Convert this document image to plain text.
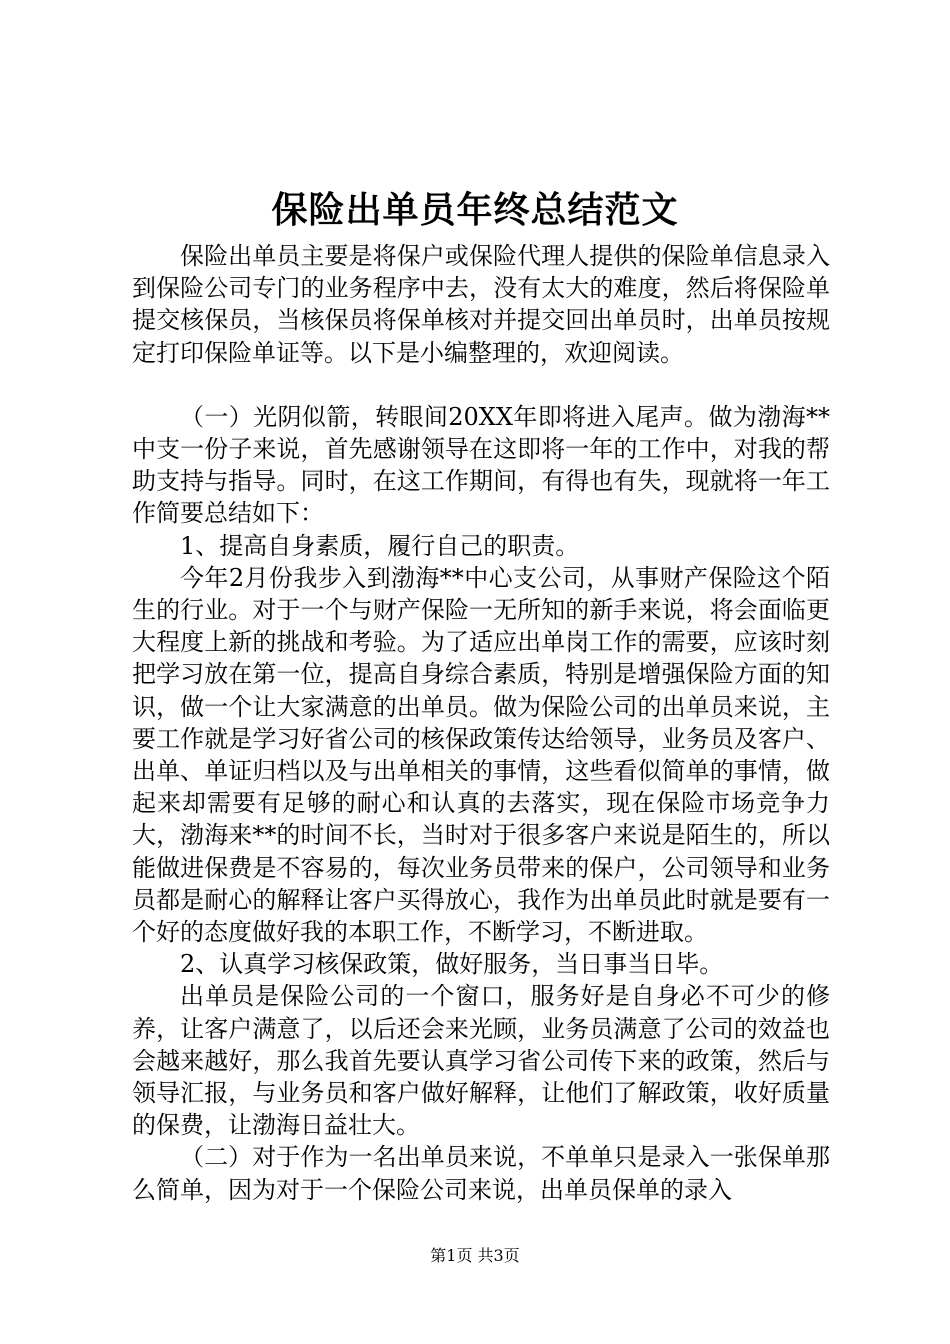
保险出单员年终总结范文

保险出单员主要是将保户或保险代理人提供的保险单信息录入到保险公司专门的业务程序中去，没有太大的难度，然后将保险单提交核保员，当核保员将保单核对并提交回出单员时，出单员按规定打印保险单证等。以下是小编整理的，欢迎阅读。

（一）光阴似箭，转眼间20XX年即将进入尾声。做为渤海**中支一份子来说，首先感谢领导在这即将一年的工作中，对我的帮助支持与指导。同时，在这工作期间，有得也有失，现就将一年工作简要总结如下：

1、提高自身素质，履行自己的职责。

今年2月份我步入到渤海**中心支公司，从事财产保险这个陌生的行业。对于一个与财产保险一无所知的新手来说，将会面临更大程度上新的挑战和考验。为了适应出单岗工作的需要，应该时刻把学习放在第一位，提高自身综合素质，特别是增强保险方面的知识，做一个让大家满意的出单员。做为保险公司的出单员来说，主要工作就是学习好省公司的核保政策传达给领导，业务员及客户、出单、单证归档以及与出单相关的事情，这些看似简单的事情，做起来却需要有足够的耐心和认真的去落实，现在保险市场竞争力大，渤海来**的时间不长，当时对于很多客户来说是陌生的，所以能做进保费是不容易的，每次业务员带来的保户，公司领导和业务员都是耐心的解释让客户买得放心，我作为出单员此时就是要有一个好的态度做好我的本职工作，不断学习，不断进取。

2、认真学习核保政策，做好服务，当日事当日毕。

出单员是保险公司的一个窗口，服务好是自身必不可少的修养，让客户满意了，以后还会来光顾，业务员满意了公司的效益也会越来越好，那么我首先要认真学习省公司传下来的政策，然后与领导汇报，与业务员和客户做好解释，让他们了解政策，收好质量的保费，让渤海日益壮大。

（二）对于作为一名出单员来说，不单单只是录入一张保单那么简单，因为对于一个保险公司来说，出单员保单的录入

第1页 共3页
